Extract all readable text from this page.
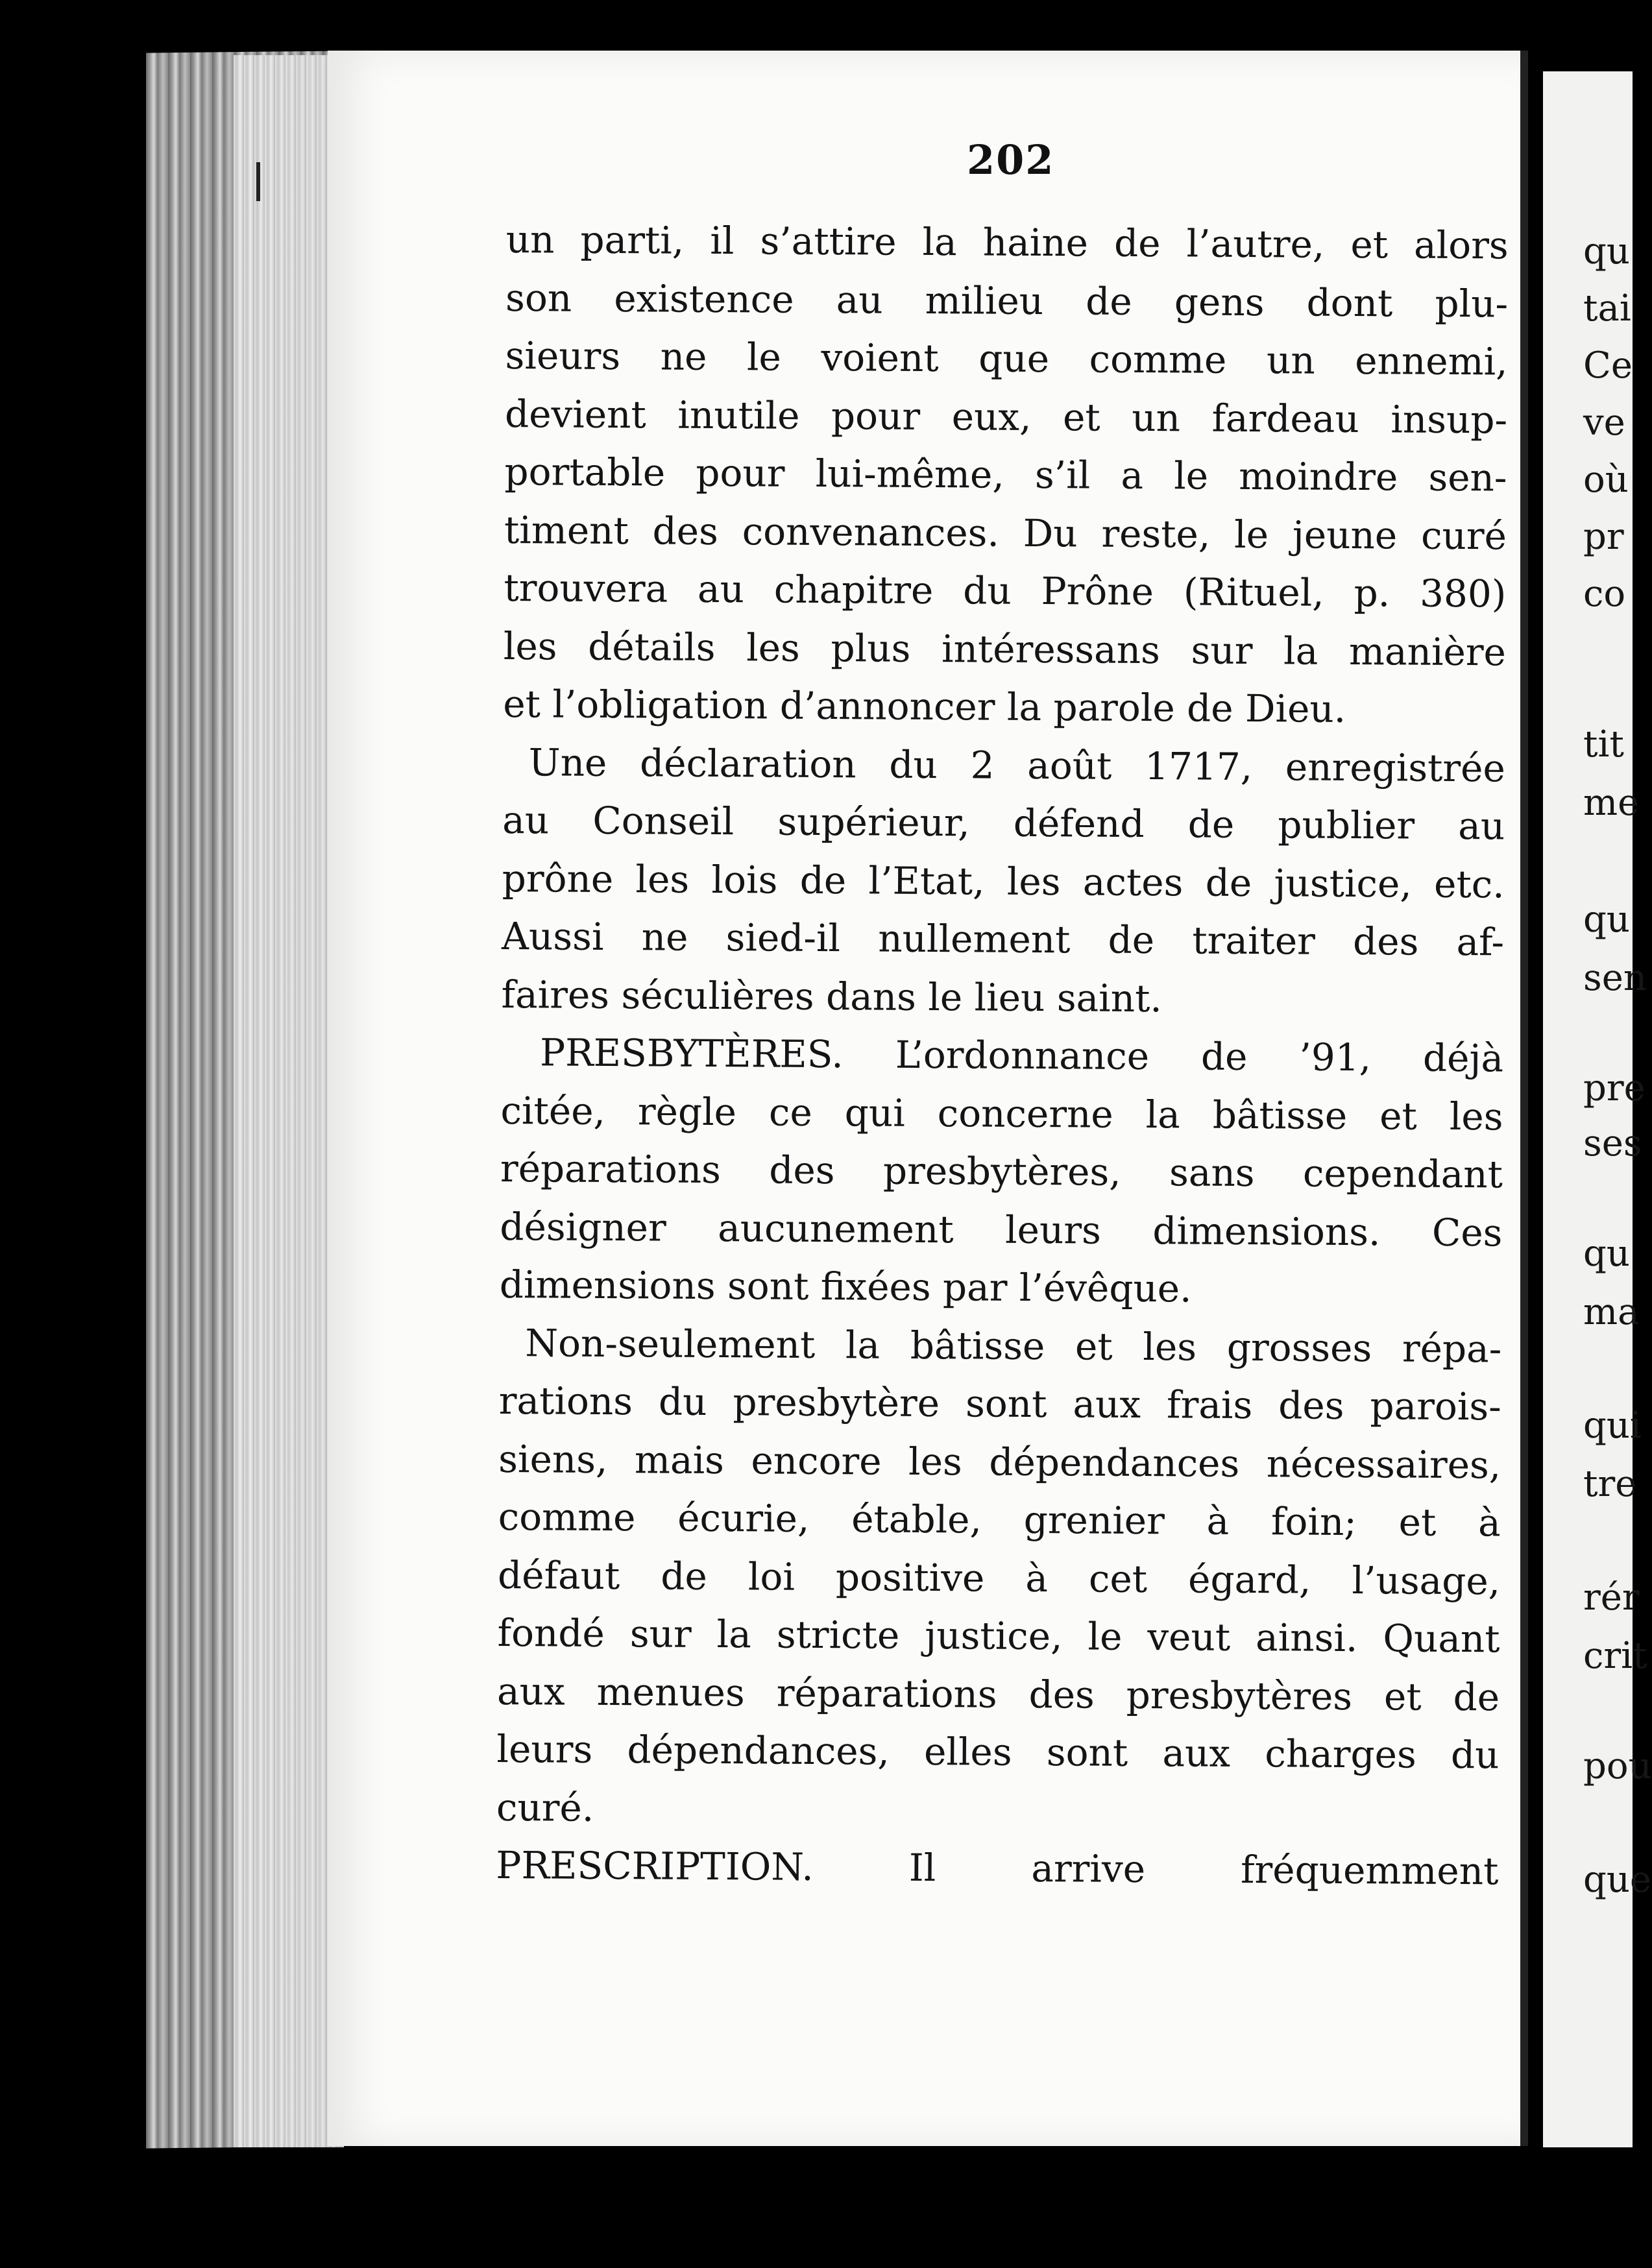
202
un parti, il s’attire la haine de l’autre, et alors
son existence au milieu de gens dont plu-
sieurs ne le voient que comme un ennemi,
devient inutile pour eux, et un fardeau insup-
portable pour lui-même, s’il a le moindre sen-
timent des convenances. Du reste, le jeune curé
trouvera au chapitre du Prône (Rituel, p. 380)
les détails les plus intéressans sur la manière
et l’obligation d’annoncer la parole de Dieu.
Une déclaration du 2 août 1717, enregistrée
au Conseil supérieur, défend de publier au
prône les lois de l’Etat, les actes de justice, etc.
Aussi ne sied-il nullement de traiter des af-
faires séculières dans le lieu saint.
PRESBYTÈRES. L’ordonnance de ’91, déjà
citée, règle ce qui concerne la bâtisse et les
réparations des presbytères, sans cependant
désigner aucunement leurs dimensions. Ces
dimensions sont fixées par l’évêque.
Non-seulement la bâtisse et les grosses répa-
rations du presbytère sont aux frais des parois-
siens, mais encore les dépendances nécessaires,
comme écurie, étable, grenier à foin; et à
défaut de loi positive à cet égard, l’usage,
fondé sur la stricte justice, le veut ainsi. Quant
aux menues réparations des presbytères et de
leurs dépendances, elles sont aux charges du
curé.
PRESCRIPTION. Il arrive fréquemment
qu
tai
Ce
ve
où
pr
co
tit
me
qu
sen
pre
ses
qu
ma
qui
tre
rér
crit
pou
que
